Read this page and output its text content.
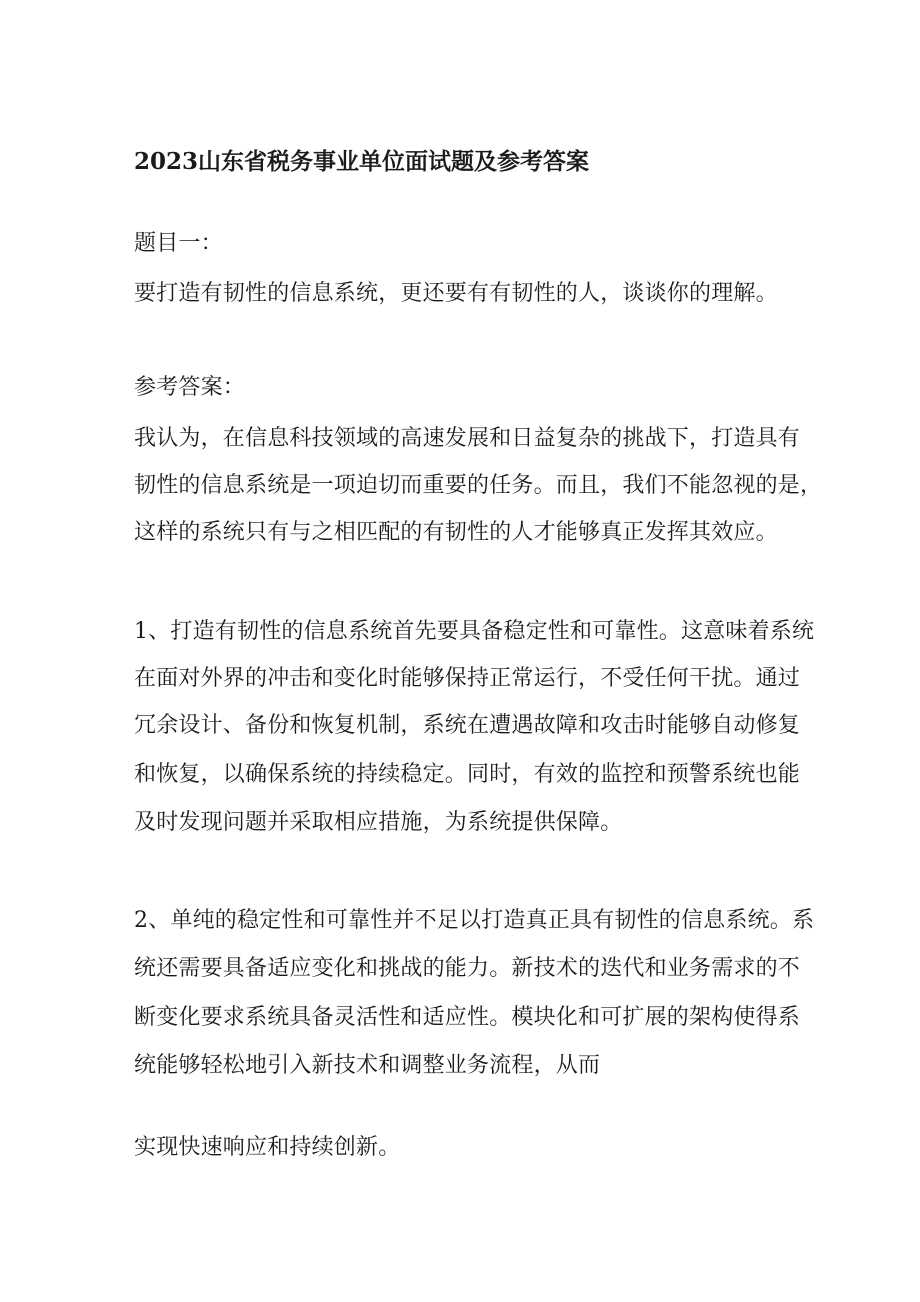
2023山东省税务事业单位面试题及参考答案
题目一：
要打造有韧性的信息系统，更还要有有韧性的人，谈谈你的理解。
参考答案：
我认为，在信息科技领域的高速发展和日益复杂的挑战下，打造具有
韧性的信息系统是一项迫切而重要的任务。而且，我们不能忽视的是，
这样的系统只有与之相匹配的有韧性的人才能够真正发挥其效应。
1、打造有韧性的信息系统首先要具备稳定性和可靠性。这意味着系统
在面对外界的冲击和变化时能够保持正常运行，不受任何干扰。通过
冗余设计、备份和恢复机制，系统在遭遇故障和攻击时能够自动修复
和恢复，以确保系统的持续稳定。同时，有效的监控和预警系统也能
及时发现问题并采取相应措施，为系统提供保障。
2、单纯的稳定性和可靠性并不足以打造真正具有韧性的信息系统。系
统还需要具备适应变化和挑战的能力。新技术的迭代和业务需求的不
断变化要求系统具备灵活性和适应性。模块化和可扩展的架构使得系
统能够轻松地引入新技术和调整业务流程，从而
实现快速响应和持续创新。
